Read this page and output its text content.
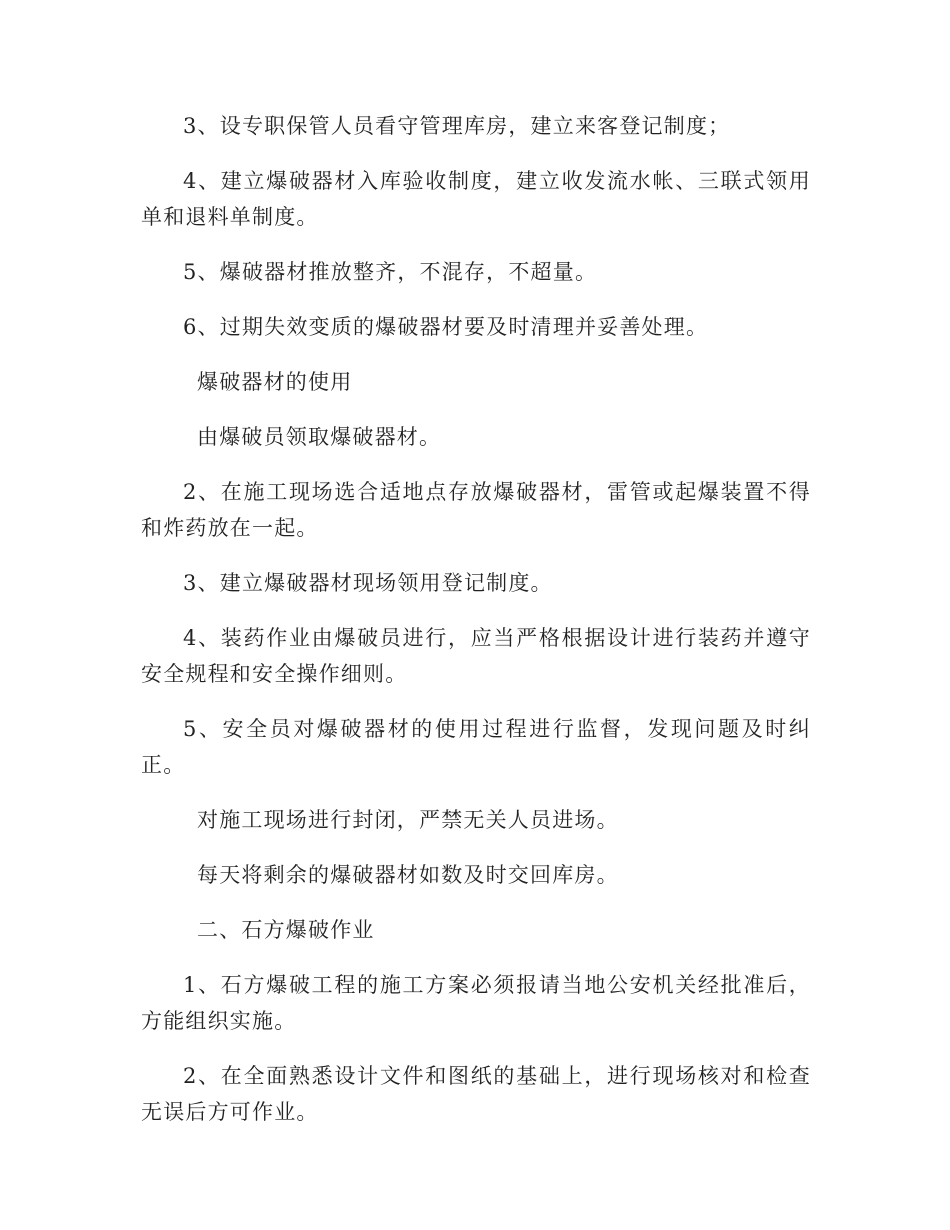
3、设专职保管人员看守管理库房，建立来客登记制度；

4、建立爆破器材入库验收制度，建立收发流水帐、三联式领用单和退料单制度。

5、爆破器材推放整齐，不混存，不超量。

6、过期失效变质的爆破器材要及时清理并妥善处理。

爆破器材的使用

由爆破员领取爆破器材。

2、在施工现场选合适地点存放爆破器材，雷管或起爆装置不得和炸药放在一起。

3、建立爆破器材现场领用登记制度。

4、装药作业由爆破员进行，应当严格根据设计进行装药并遵守安全规程和安全操作细则。

5、安全员对爆破器材的使用过程进行监督，发现问题及时纠正。

对施工现场进行封闭，严禁无关人员进场。

每天将剩余的爆破器材如数及时交回库房。

二、石方爆破作业

1、石方爆破工程的施工方案必须报请当地公安机关经批准后，方能组织实施。

2、在全面熟悉设计文件和图纸的基础上，进行现场核对和检查无误后方可作业。
